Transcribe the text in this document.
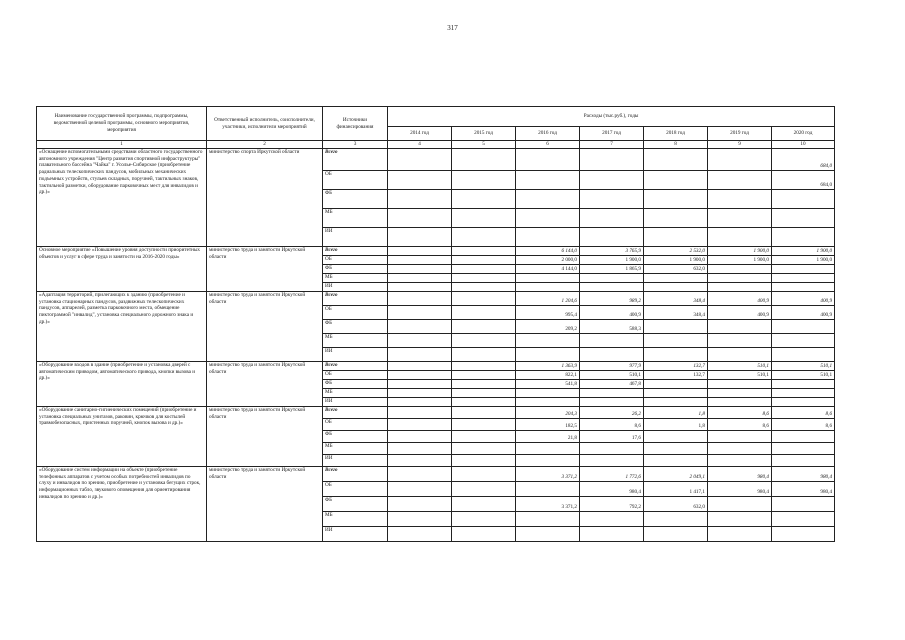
317
Наименование государственной программы, подпрограммы, ведомственной целевой программы, основного мероприятия, мероприятия	Ответственный исполнитель, соисполнители, участники, исполнители мероприятий	Источники финансирования	Расходы (тыс.руб.), годы						
			2014 год	2015 год	2016 год	2017 год	2018 год	2019 год	2020 год
1	2	3	4	5	6	7	8	9	10
«Оснащение вспомогательными средствами областного государственного автономного учреждения "Центр развития спортивной инфраструктуры" плавательного бассейна "Чайка" г. Усолье-Сибирское (приобретение радиальных телескопических пандусов, мобильных механических подъемных устройств, стульев складных, поручней, тактильных знаков, тактильной разметки, оборудование парковочных мест для инвалидов и др.)»	министерство спорта Иркутской области	Всего							684,0
		ОБ							684,0
		ФБ							
		МБ							
		ИИ							
Основное мероприятие «Повышение уровня доступности приоритетных объектов и услуг в сфере труда и занятости на 2016-2020 годы»	министерство труда и занятости Иркутской области	Всего			6 144,0	3 765,9	2 532,0	1 900,0	1 900,0
		ОБ			2 000,0	1 900,0	1 900,0	1 900,0	1 900,0
		ФБ			4 144,0	1 865,9	632,0		
		МБ							
		ИИ							
«Адаптация территорий, прилегающих к зданию (приобретение и установка стационарных пандусов, раздвижных телескопических пандусов, аппарелей, разметка парковочного места, обмещение пиктограммой "инвалид", установка специального дорожного знака и др.)»	министерство труда и занятости Иркутской области	Всего			1 204,6	989,2	348,4	400,9	400,9
		ОБ			995,4	400,9	348,4	400,9	400,9
		ФБ			209,2	588,3			
		МБ							
		ИИ							
«Оборудование входов в здание (приобретение и установка дверей с автоматическим приводом, автоматического привода, кнопки вызова и др.)»	министерство труда и занятости Иркутской области	Всего			1 363,9	977,9	132,7	510,1	510,1
		ОБ			822,1	510,1	132,7	510,1	510,1
		ФБ			541,8	467,8			
		МБ							
		ИИ							
«Оборудование санитарно-гигиенических помещений (приобретение и установка специальных унитазов, раковин, крючков для костылей травмобезопасных, пристенных поручней, кнопок вызова и др.)»	министерство труда и занятости Иркутской области	Всего			204,3	26,2	1,8	8,6	8,6
		ОБ			182,5	8,6	1,8	8,6	8,6
		ФБ			21,8	17,6			
		МБ							
		ИИ							
«Оборудование систем информации на объекте (приобретение телефонных аппаратов с учетом особых потребностей инвалидов по слуху и инвалидов по зрению, приобретение и установка бегущих строк, информационных табло, звукового оповещения для ориентирования инвалидов по зрению и др.)»	министерство труда и занятости Иркутской области	Всего			3 371,2	1 772,6	2 049,1	980,4	980,4
		ОБ				980,4	1 417,1	980,4	980,4
		ФБ			3 371,2	792,2	632,0		
		МБ							
		ИИ							
